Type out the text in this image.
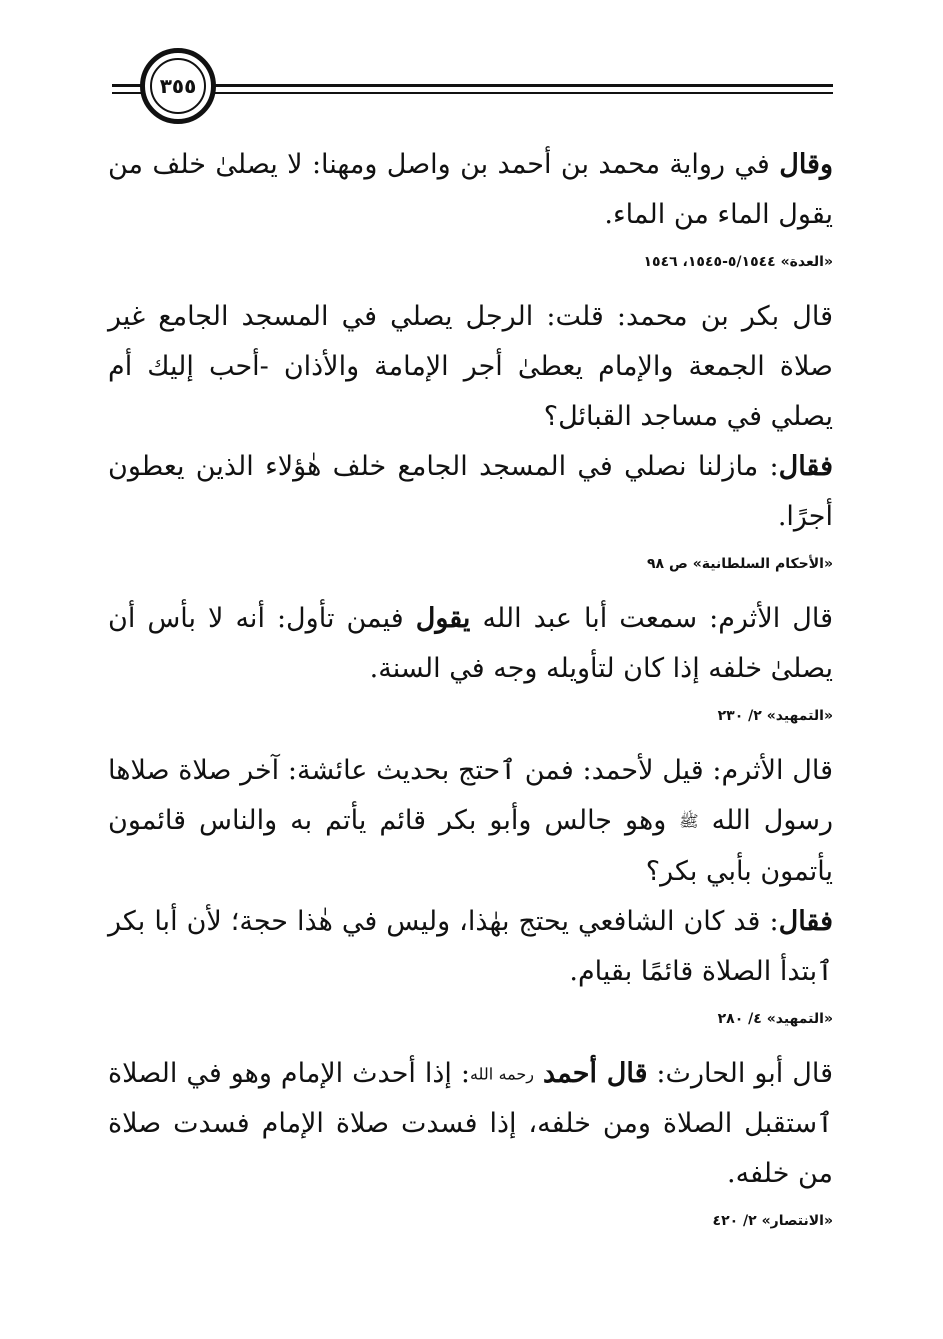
٣٥٥

وقال في رواية محمد بن أحمد بن واصل ومهنا: لا يصلىٰ خلف من يقول الماء من الماء.

«العدة» ٥/١٥٤٤-١٥٤٥، ١٥٤٦

قال بكر بن محمد: قلت: الرجل يصلي في المسجد الجامع غير صلاة الجمعة والإمام يعطىٰ أجر الإمامة والأذان -أحب إليك أم يصلي في مساجد القبائل؟

فقال: مازلنا نصلي في المسجد الجامع خلف هٰؤلاء الذين يعطون أجرًا.

«الأحكام السلطانية» ص ٩٨

قال الأثرم: سمعت أبا عبد الله يقول فيمن تأول: أنه لا بأس أن يصلىٰ خلفه إذا كان لتأويله وجه في السنة.

«التمهيد» ٢/ ٢٣٠

قال الأثرم: قيل لأحمد: فمن ٱحتج بحديث عائشة: آخر صلاة صلاها رسول الله ﷺ وهو جالس وأبو بكر قائم يأتم به والناس قائمون يأتمون بأبي بكر؟

فقال: قد كان الشافعي يحتج بهٰذا، وليس في هٰذا حجة؛ لأن أبا بكر ٱبتدأ الصلاة قائمًا بقيام.

«التمهيد» ٤/ ٢٨٠

قال أبو الحارث: قال أحمد رحمه الله: إذا أحدث الإمام وهو في الصلاة ٱستقبل الصلاة ومن خلفه، إذا فسدت صلاة الإمام فسدت صلاة من خلفه.

«الانتصار» ٢/ ٤٢٠
